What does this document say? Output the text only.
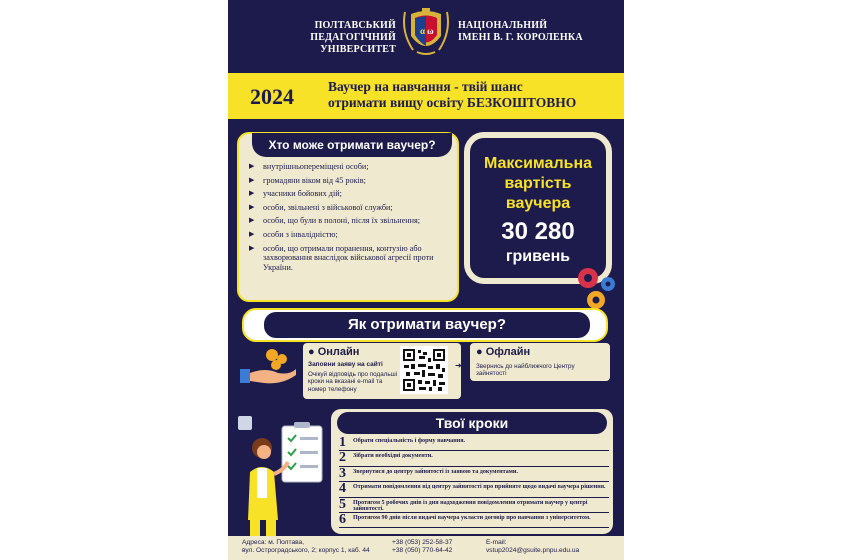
ПОЛТАВСЬКИЙ
ПЕДАГОГІЧНИЙ УНІВЕРСИТЕТ
α ω НАЦІОНАЛЬНИЙ
ІМЕНІ В. Г. КОРОЛЕНКА
2024	Ваучер на навчання - твій шанс
отримати вищу освіту БЕЗКОШТОВНО
Хто може отримати ваучер?
▶ внутрішньопереміщені особи;
▶ громадяни віком від 45 років;
▶ учасники бойових дій;
▶ особи, звільнені з військової служби;
▶ особи, що були в полоні, після їх звільнення;
▶ особи з інвалідністю;
▶ особи, що отримали поранення, контузію або захворювання внаслідок військової агресії проти України.
Максимальна
вартість
ваучера
30 280
гривень
Як отримати ваучер?
● Онлайн
Заповни заяву на сайті
Очікуй відповідь про подальші кроки на вказані e-mail та номер телефону
➜
● Офлайн
Звернись до найближчого Центру зайнятості
Твої кроки
1 Обрати спеціальність і форму навчання.
2 Зібрати необхідні документи.
3 Звернутися до центру зайнятості із заявою та документами.
4 Отримати повідомлення від центру зайнятості про прийняте щодо видачі ваучера рішення.
5 Протягом 5 робочих днів із дня надходження повідомлення отримати ваучер у центрі зайнятості.
6 Протягом 90 днів після видачі ваучера укласти договір про навчання з університетом.
Адреса: м. Полтава,
вул. Остроградського, 2; корпус 1, каб. 44
+38 (053) 252-58-37
+38 (050) 770-64-42
E-mail:
vstup2024@gsuite.pnpu.edu.ua
